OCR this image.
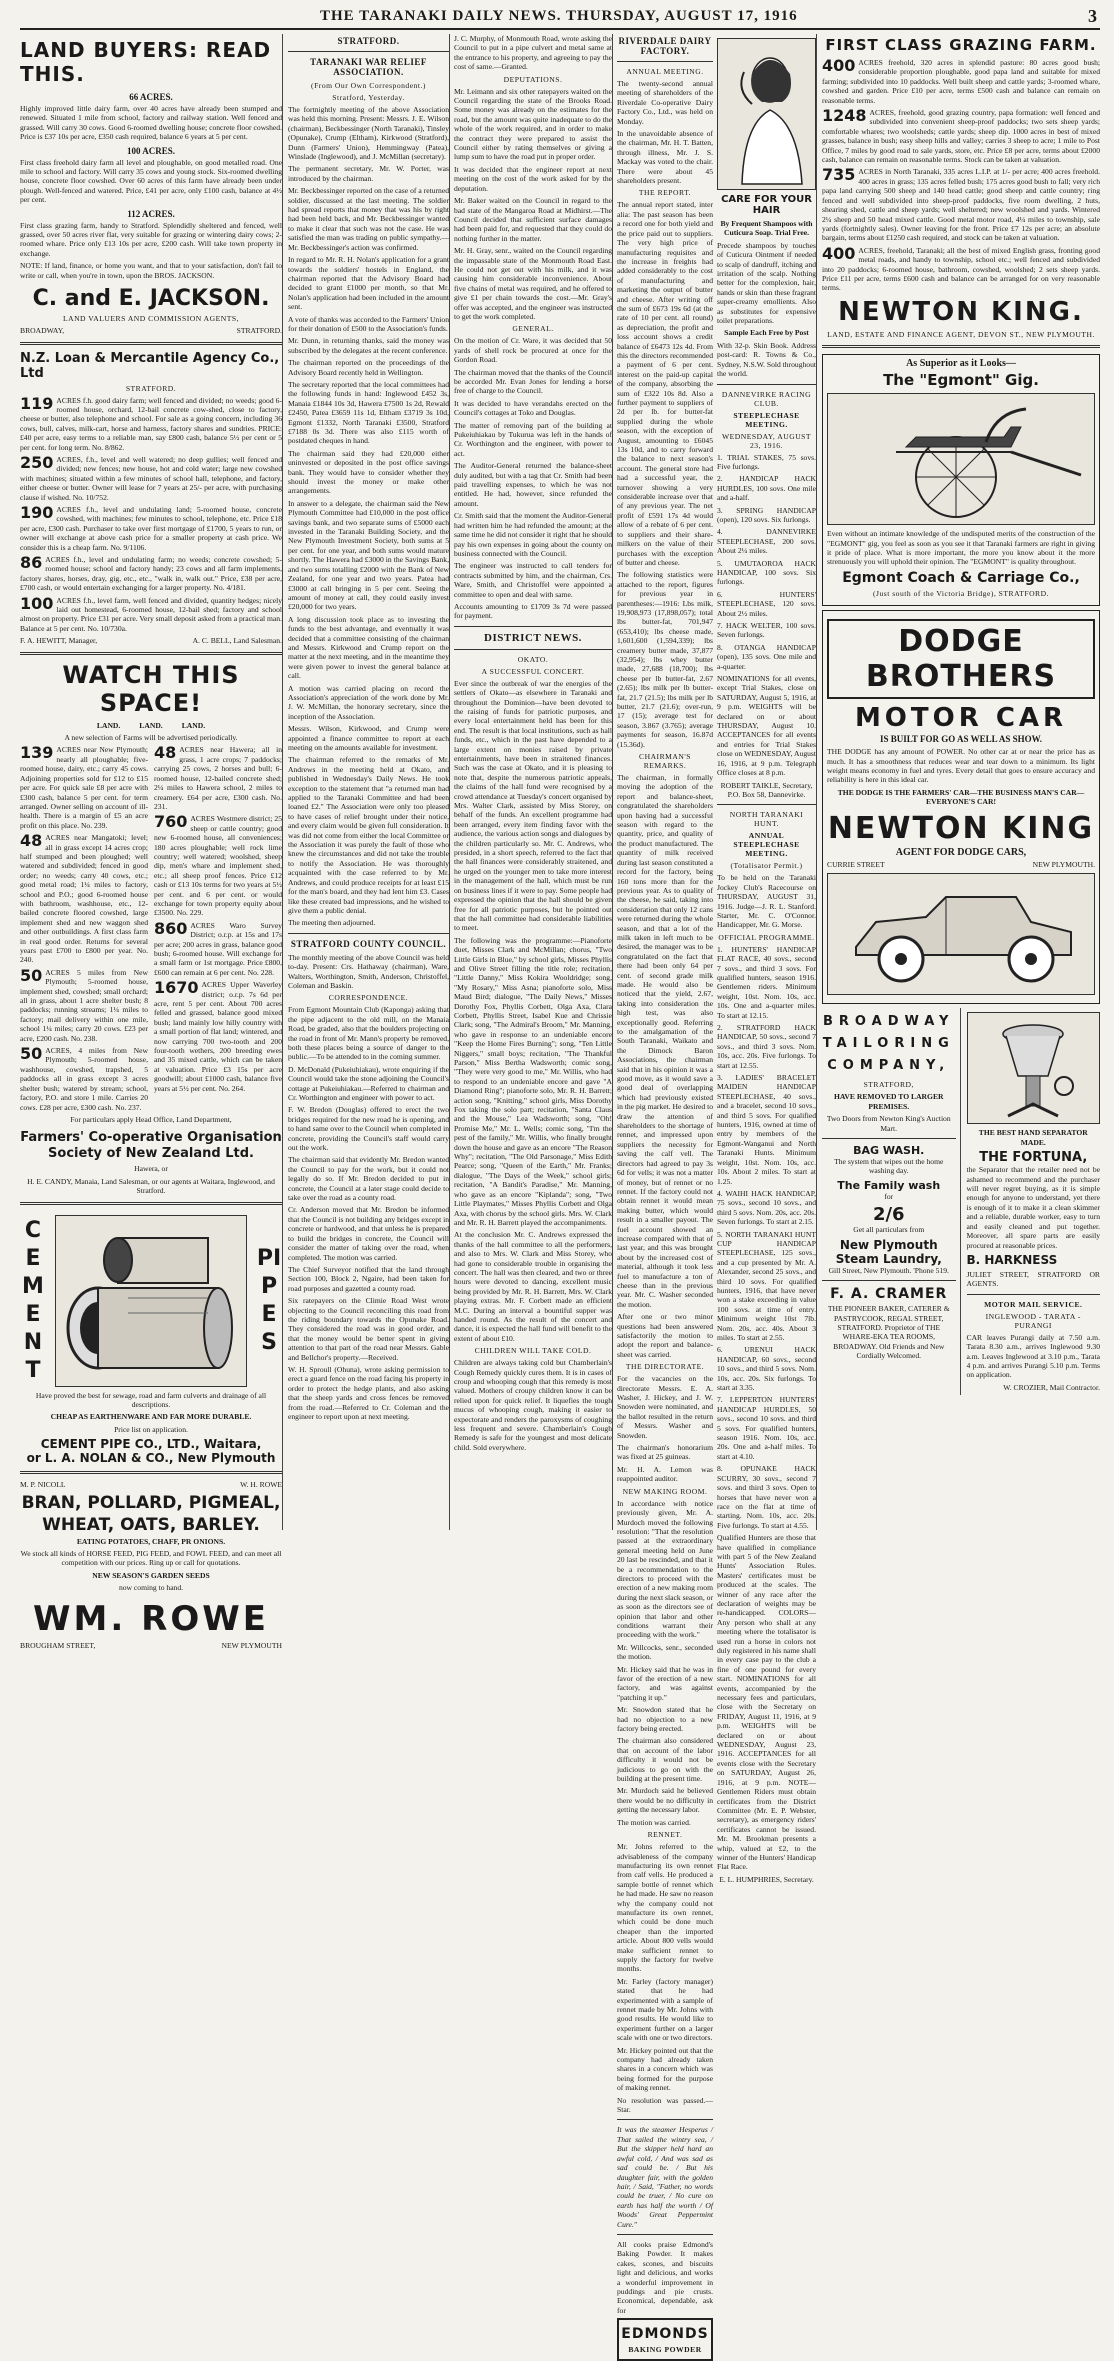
THE TARANAKI DAILY NEWS. THURSDAY, AUGUST 17, 1916	3
LAND BUYERS: READ THIS.
66 ACRES.

Highly improved little dairy farm, over 40 acres have already been stumped and renewed. Situated 1 mile from school, factory and railway station. Well fenced and grassed. Will carry 30 cows. Good 6-roomed dwelling house; concrete floor cowshed. Price is £37 10s per acre, £350 cash required, balance 6 years at 5 per cent.

100 ACRES.

First class freehold dairy farm all level and ploughable, on good metalled road. One mile to school and factory. Will carry 35 cows and young stock. Six-roomed dwelling house, concrete floor cowshed. Over 60 acres of this farm have already been under plough. Well-fenced and watered. Price, £41 per acre, only £100 cash, balance at 4½ per cent.

112 ACRES.

First class grazing farm, handy to Stratford. Splendidly sheltered and fenced, well grassed, over 50 acres river flat, very suitable for grazing or wintering dairy cows; 2-roomed whare. Price only £13 10s per acre, £200 cash. Will take town property in exchange.

NOTE: If land, finance, or home you want, and that to your satisfaction, don't fail to write or call, when you're in town, upon the BROS. JACKSON.

C. and E. JACKSON.
LAND VALUERS AND COMMISSION AGENTS,
BROADWAY,	STRATFORD.
N.Z. Loan & Mercantile Agency Co., Ltd
STRATFORD.

119 ACRES f.h. good dairy farm; well fenced and divided; no weeds; good 6-roomed house, orchard, 12-bail concrete cow-shed, close to factory, cheese or butter, also telephone and school. For sale as a going concern, including 36 cows, bull, calves, milk-cart, horse and harness, factory shares and sundries. PRICE: £40 per acre, easy terms to a reliable man, say £800 cash, balance 5½ per cent or 5 per cent. for long term. No. 8/862.

250 ACRES, f.h., level and well watered; no deep gullies; well fenced and divided; new fences; new house, hot and cold water; large new cowshed with machines; situated within a few minutes of school hall, telephone, and factory, either cheese or butter. Owner will lease for 7 years at 25/- per acre, with purchasing clause if wished. No. 10/752.

190 ACRES f.h., level and undulating land; 5-roomed house, concrete cowshed, with machines; few minutes to school, telephone, etc. Price £18 per acre, £300 cash. Purchaser to take over first mortgage of £1700, 5 years to run, or owner will exchange at above cash price for a smaller property at cash price. We consider this is a cheap farm. No. 9/1106.

86 ACRES f.h., level and undulating farm; no weeds; concrete cowshed; 5-roomed house; school and factory handy; 23 cows and all farm implements, factory shares, horses, dray, gig, etc., etc., "walk in, walk out." Price, £38 per acre, £700 cash, or would entertain exchanging for a larger property. No. 4/181.

100 ACRES f.h., level farm, well fenced and divided, quantity hedges; nicely laid out homestead, 6-roomed house, 12-bail shed; factory and school almost on property. Price £31 per acre. Very small deposit asked from a practical man. Balance at 5 per cent. No. 10/730a.

F. A. HEWITT, Manager,	A. C. BELL, Land Salesman.
WATCH THIS SPACE!
LAND.          LAND.          LAND.
A new selection of Farms will be advertised periodically.

139 ACRES near New Plymouth; nearly all ploughable; five-roomed house, dairy, etc.; carry 45 cows. Adjoining properties sold for £12 to £15 per acre. For quick sale £8 per acre with £300 cash, balance 5 per cent. for term arranged. Owner selling on account of ill-health. There is a margin of £5 an acre profit on this place. No. 239.

48 ACRES near Mangatoki; level; all in grass except 14 acres crop; half stumped and been ploughed; well watered and subdivided; fenced in good order; no weeds; carry 40 cows, etc.; good metal road; 1¼ miles to factory, school and P.O.; good 6-roomed house with bathroom, washhouse, etc., 12-bailed concrete floored cowshed, large implement shed and new waggon shed and other outbuildings. A first class farm in real good order. Returns for several years past £700 to £800 per year. No. 240.

50 ACRES 5 miles from New Plymouth; 5-roomed house, implement shed, cowshed; small orchard; all in grass, about 1 acre shelter bush; 8 paddocks; running streams; 1¼ miles to factory; mail delivery within one mile, school 1¼ miles; carry 20 cows. £23 per acre, £200 cash. No. 238.

50 ACRES, 4 miles from New Plymouth; 5-roomed house, washhouse, cowshed, trapshed, 5 paddocks all in grass except 3 acres shelter bush; watered by stream; school, factory, P.O. and store 1 mile. Carries 20 cows. £28 per acre, £300 cash. No. 237.

48 ACRES near Hawera; all in grass, 1 acre crops; 7 paddocks; carrying 25 cows, 2 horses and bull; 6-roomed house, 12-bailed concrete shed; 2¼ miles to Hawera school, 2 miles to creamery. £64 per acre, £300 cash. No. 231.

760 ACRES Westmere district; 25 sheep or cattle country; good new 6-roomed house, all conveniences; 180 acres ploughable; well rock lime country; well watered; woolshed, sheep dip, men's whare and implement shed, etc.; all sheep proof fences. Price £12 cash or £13 10s terms for two years at 5½ per cent. and 6 per cent. or would exchange for town property equity about £3500. No. 229.

860 ACRES Waro Survey District; o.r.p. at 15s and 17s per acre; 200 acres in grass, balance good bush; 6-roomed house. Will exchange for a small farm or 1st mortgage. Price £800, £600 can remain at 6 per cent. No. 228.

1670 ACRES Upper Waverley district; o.r.p. 7s 6d per acre, rent 5 per cent. About 700 acres felled and grassed, balance good mixed bush; land mainly low hilly country with a small portion of flat land; wintered, and now carrying 700 two-tooth and 200 four-tooth wethers, 200 breeding ewes and 35 mixed cattle, which can be taken at valuation. Price £3 15s per acre goodwill; about £1000 cash, balance five years at 5½ per cent. No. 264.

For particulars apply Head Office, Land Department,
Farmers' Co-operative Organisation Society of New Zealand Ltd.
Hawera, or
H. E. CANDY, Manaia, Land Salesman, or our agents at Waitara, Inglewood, and Stratford.
CEMENT
PIPES

Have proved the best for sewage, road and farm culverts and drainage of all descriptions.

CHEAP AS EARTHENWARE AND FAR MORE DURABLE.
Price list on application.
CEMENT PIPE CO., LTD., Waitara,
or L. A. NOLAN & CO., New Plymouth
M. P. NICOLL	W. H. ROWE
BRAN, POLLARD, PIGMEAL,
WHEAT, OATS, BARLEY.
EATING POTATOES, CHAFF, PR ONIONS.

We stock all kinds of HORSE FEED, PIG FEED, and FOWL FEED, and can meet all competition with our prices. Ring up or call for quotations.

NEW SEASON'S GARDEN SEEDS
now coming to hand.
WM. ROWE
BROUGHAM STREET,	NEW PLYMOUTH
STRATFORD.
TARANAKI WAR RELIEF ASSOCIATION.
(From Our Own Correspondent.)
Stratford, Yesterday.

The fortnightly meeting of the above Association was held this morning. Present: Messrs. J. E. Wilson (chairman), Beckbessinger (North Taranaki), Tinsley (Opunake), Crump (Eltham), Kirkwood (Stratford), Dunn (Farmers' Union), Hemmingway (Patea), Winslade (Inglewood), and J. McMillan (secretary).

The permanent secretary, Mr. W. Porter, was introduced by the chairman.

Mr. Beckbessinger reported on the case of a returned soldier, discussed at the last meeting. The soldier had spread reports that money that was his by right had been held back, and Mr. Beckbessinger wanted to make it clear that such was not the case. He was satisfied the man was trading on public sympathy.—Mr. Beckbessinger's action was confirmed.

In regard to Mr. R. H. Nolan's application for a grant towards the soldiers' hostels in England, the chairman reported that the Advisory Board had decided to grant £1000 per month, so that Mr. Nolan's application had been included in the amount sent.

A vote of thanks was accorded to the Farmers' Union for their donation of £500 to the Association's funds.

Mr. Dunn, in returning thanks, said the money was subscribed by the delegates at the recent conference.

The chairman reported on the proceedings of the Advisory Board recently held in Wellington.

The secretary reported that the local committees had the following funds in hand: Inglewood £452 3s, Manaia £1844 10s 3d, Hawera £7500 1s 2d, Rewald £2450, Patea £3659 11s 1d, Eltham £3719 3s 10d, Egmont £1332, North Taranaki £3500, Stratford £7188 0s 3d. There was also £115 worth of postdated cheques in hand.

The chairman said they had £20,000 either uninvested or deposited in the post office savings bank. They would have to consider whether they should invest the money or make other arrangements.

In answer to a delegate, the chairman said the New Plymouth Committee had £10,000 in the post office savings bank, and two separate sums of £5000 each invested in the Taranaki Building Society, and the New Plymouth Investment Society, both sums at 5 per cent. for one year, and both sums would mature shortly. The Hawera had £3000 in the Savings Bank, and two sums totalling £2000 with the Bank of New Zealand, for one year and two years. Patea had £3000 at call bringing in 5 per cent. Seeing the amount of money at call, they could easily invest £20,000 for two years.

A long discussion took place as to investing the funds to the best advantage, and eventually it was decided that a committee consisting of the chairman and Messrs. Kirkwood and Crump report on the matter at the next meeting, and in the meantime they were given power to invest the general balance at call.

A motion was carried placing on record the Association's appreciation of the work done by Mr. J. W. McMillan, the honorary secretary, since the inception of the Association.

Messrs. Wilson, Kirkwood, and Crump were appointed a finance committee to report at each meeting on the amounts available for investment.

The chairman referred to the remarks of Mr. Andrews in the meeting held at Okato, and published in Wednesday's Daily News. He took exception to the statement that "a returned man had applied to the Taranaki Committee and had been loaned £2." The Association were only too pleased to have cases of relief brought under their notice, and every claim would be given full consideration. It was did not come from either the local Committee or the Association it was purely the fault of those who knew the circumstances and did not take the trouble to notify the Association. He was thoroughly acquainted with the case referred to by Mr. Andrews, and could produce receipts for at least £15 for the man's board, and they had lent him £3. Cases like these created bad impressions, and he wished to give them a public denial.

The meeting then adjourned.

STRATFORD COUNTY COUNCIL.

The monthly meeting of the above Council was held to-day. Present: Crs. Hathaway (chairman), Ware, Walters, Worthington, Smith, Anderson, Christoffel, Coleman and Baskin.

CORRESPONDENCE.

From Egmont Mountain Club (Kaponga) asking that the pipe adjacent to the old mill, on the Manaia Road, be graded, also that the boulders projecting on the road in front of Mr. Mann's property be removed, both these places being a source of danger to the public.—To be attended to in the coming summer.

D. McDonald (Pukeiuhiakau), wrote enquiring if the Council would take the stone adjoining the Council's cottage at Pukeiuhiakau.—Referred to chairman and Cr. Worthington and engineer with power to act.

F. W. Bredon (Douglas) offered to erect the two bridges required for the new road he is opening, and to hand same over to the Council when completed in concrete, providing the Council's staff would carry out the work.

The chairman said that evidently Mr. Bredon wanted the Council to pay for the work, but it could not legally do so. If Mr. Bredon decided to put in concrete, the Council at a later stage could decide to take over the road as a county road.

Cr. Anderson moved that Mr. Bredon be informed that the Council is not building any bridges except in concrete or hardwood, and that unless he is prepared to build the bridges in concrete, the Council will consider the matter of taking over the road, when completed. The motion was carried.

The Chief Surveyor notified that the land through Section 100, Block 2, Ngaire, had been taken for road purposes and gazetted a county road.

Six ratepayers on the Climie Road West wrote objecting to the Council reconciling this road from the riding boundary towards the Opunake Road. They considered the road was in good order, and that the money would be better spent in giving attention to that part of the road near Messrs. Gable and Bellchor's property.—Received.

W. H. Sproull (Ohuna), wrote asking permission to erect a guard fence on the road facing his property in order to protect the hedge plants, and also asking that the sheep yards and cross fences be removed from the road.—Referred to Cr. Coleman and the engineer to report upon at next meeting.

J. C. Murphy, of Monmouth Road, wrote asking the Council to put in a pipe culvert and metal same at the entrance to his property, and agreeing to pay the cost of same.—Granted.

DEPUTATIONS.

Mr. Leimann and six other ratepayers waited on the Council regarding the state of the Brooks Road. Some money was already on the estimates for the road, but the amount was quite inadequate to do the whole of the work required, and in order to make the contract they were prepared to assist the Council either by rating themselves or giving a lump sum to have the road put in proper order.

It was decided that the engineer report at next meeting on the cost of the work asked for by the deputation.

Mr. Baker waited on the Council in regard to the bad state of the Mangaroa Road at Midhirst.—The Council decided that sufficient surface damages had been paid for, and requested that they could do nothing further in the matter.

Mr. H. Gray, senr., waited on the Council regarding the impassable state of the Monmouth Road East. He could not get out with his milk, and it was causing him considerable inconvenience. About five chains of metal was required, and he offered to give £1 per chain towards the cost.—Mr. Gray's offer was accepted, and the engineer was instructed to get the work completed.

GENERAL.

On the motion of Cr. Ware, it was decided that 50 yards of shell rock be procured at once for the Gordon Road.

The chairman moved that the thanks of the Council be accorded Mr. Evan Jones for lending a horse free of charge to the Council.

It was decided to have verandahs erected on the Council's cottages at Toko and Douglas.

The matter of removing part of the building at Pukeiuhiakau by Tukurua was left in the hands of Cr. Worthington and the engineer, with power to act.

The Auditor-General returned the balance-sheet duly audited, but with a tag that Cr. Smith had been paid travelling expenses, to which he was not entitled. He had, however, since refunded the amount.

Cr. Smith said that the moment the Auditor-General had written him he had refunded the amount; at the same time he did not consider it right that he should pay his own expenses in going about the county on business connected with the Council.

The engineer was instructed to call tenders for contracts submitted by him, and the chairman, Crs. Ware, Smith, and Christoffel were appointed a committee to open and deal with same.

Accounts amounting to £1709 3s 7d were passed for payment.

DISTRICT NEWS.
OKATO.
A SUCCESSFUL CONCERT.

Ever since the outbreak of war the energies of the settlers of Okato—as elsewhere in Taranaki and throughout the Dominion—have been devoted to the raising of funds for patriotic purposes, and every local entertainment held has been for this end. The result is that local institutions, such as hall funds, etc., which in the past have depended to a large extent on monies raised by private entertainments, have been in straitened finances. Such was the case at Okato, and it is pleasing to note that, despite the numerous patriotic appeals, the claims of the hall fund were recognised by a crowd attendance at Tuesday's concert organised by Mrs. Walter Clark, assisted by Miss Storey, on behalf of the funds. An excellent programme had been arranged, every item finding favor with the audience, the various action songs and dialogues by the children particularly so. Mr. C. Andrews, who presided, in a short speech, referred to the fact that the hall finances were considerably straitened, and he urged on the younger men to take more interest in the management of the hall, which must be run on business lines if it were to pay. Some people had expressed the opinion that the hall should be given free for all patriotic purposes, but he pointed out that the hall committee had considerable liabilities to meet.

The following was the programme:—Pianoforte duet, Misses Clark and McMillan; chorus, "Two Little Girls in Blue," by school girls, Misses Phyllis and Olive Street filling the title role; recitation, "Little Danny," Miss Kokira Wooldridge; song, "My Rosary," Miss Asna; pianoforte solo, Miss Maud Bird; dialogue, "The Daily News," Misses Dorothy Fox, Phyllis Corbett, Olga Axa, Clara Corbett, Phyllis Street, Isabel Kue and Chrissie Clark; song, "The Admiral's Broom," Mr. Manning, who gave in response to an undeniable encore "Keep the Home Fires Burning"; song, "Ten Little Niggers," small boys; recitation, "The Thankful Parson," Miss Bertha Wadsworth; comic song, "They were very good to me," Mr. Willis, who had to respond to an undeniable encore and gave "A Diamond Ring"; pianoforte solo, Mr. R. H. Barrett; action song, "Knitting," school girls, Miss Dorothy Fox taking the solo part; recitation, "Santa Claus and the Mouse," Lea Wadsworth; song, "Oh! Promise Me," Mr. L. Wells; comic song, "I'm the pest of the family," Mr. Willis, who finally brought down the house and gave as an encore "The Reason Why"; recitation, "The Old Parsonage," Miss Edith Pearce; song, "Queen of the Earth," Mr. Franks; dialogue, "The Days of the Week," school girls; recitation, "A Bandit's Paradise," Mr. Manning, who gave as an encore "Kiplanda"; song, "Two Little Playmates," Misses Phyllis Corbett and Olga Axa, with chorus by the school girls. Mrs. W. Clark and Mr. R. H. Barrett played the accompaniments.

At the conclusion Mr. C. Andrews expressed the thanks of the hall committee to all the performers, and also to Mrs. W. Clark and Miss Storey, who had gone to considerable trouble in organising the concert. The hall was then cleared, and two or three hours were devoted to dancing, excellent music being provided by Mr. R. H. Barrett, Mrs. W. Clark playing extras. Mr. F. Corbett made an efficient M.C. During an interval a bountiful supper was handed round. As the result of the concert and dance, it is expected the hall fund will benefit to the extent of about £10.

CHILDREN WILL TAKE COLD.

Children are always taking cold but Chamberlain's Cough Remedy quickly cures them. It is in cases of croup and whooping cough that this remedy is most valued. Mothers of croupy children know it can be relied upon for quick relief. It liquefies the tough mucus of whooping cough, making it easier to expectorate and renders the paroxysms of coughing less frequent and severe. Chamberlain's Cough Remedy is safe for the youngest and most delicate child. Sold everywhere.

RIVERDALE DAIRY FACTORY.
ANNUAL MEETING.

The twenty-second annual meeting of shareholders of the Riverdale Co-operative Dairy Factory Co., Ltd., was held on Monday.

In the unavoidable absence of the chairman, Mr. H. T. Batten, through illness, Mr. J. S. Mackay was voted to the chair. There were about 45 shareholders present.

THE REPORT.

The annual report stated, inter alia: The past season has been a record one for both yield and the price paid out to suppliers. The very high price of manufacturing requisites and the increase in freights had added considerably to the cost of manufacturing and marketing the output of butter and cheese. After writing off the sum of £673 19s 6d (at the rate of 10 per cent. all round) as depreciation, the profit and loss account shows a credit balance of £6473 12s 4d. From this the directors recommended a payment of 6 per cent. interest on the paid-up capital of the company, absorbing the sum of £322 10s 8d. Also a further payment to suppliers of 2d per lb. for butter-fat supplied during the whole season, with the exception of August, amounting to £6045 13s 10d, and to carry forward the balance to next season's account. The general store had had a successful year, the turnover showing a very considerable increase over that of any previous year. The net profit of £591 17s 4d would allow of a rebate of 6 per cent. to suppliers and their share-milkers on the value of their purchases with the exception of butter and cheese.

The following statistics were attached to the report, figures for previous year in parentheses:—1916: Lbs milk, 19,908,973 (17,898,057); total lbs butter-fat, 701,947 (653,410); lbs cheese made, 1,601,600 (1,594,339); lbs creamery butter made, 37,877 (32,954); lbs whey butter made, 27,688 (18,700); lbs cheese per lb butter-fat, 2.67 (2.65); lbs milk per lb butter-fat, 21.7 (21.5); lbs milk per lb butter, 21.7 (21.6); over-run, 17 (15); average test for season, 3.867 (3.765); average payments for season, 16.87d (15.36d).

CHAIRMAN'S REMARKS.

The chairman, in formally moving the adoption of the report and balance-sheet, congratulated the shareholders upon having had a successful season with regard to the quantity, price, and quality of the product manufactured. The quantity of milk received during last season constituted a record for the factory, being 160 tons more than for the previous year. As to quality of the cheese, he said, taking into consideration that only 12 cans were returned during the whole season, and that a lot of the milk taken in left much to be desired, the manager was to be congratulated on the fact that there had been only 64 per cent. of second grade milk made. He would also be noticed that the yield, 2.67, taking into consideration the high test, was also exceptionally good. Referring to the amalgamation of the South Taranaki, Waikato and the Dimock Baron Associations, the chairman said that in his opinion it was a good move, as it would save a good deal of overlapping which had previously existed in the pig market. He desired to draw the attention of shareholders to the shortage of rennet, and impressed upon suppliers the necessity for saving the calf vell. The directors had agreed to pay 3s 6d for vells; it was not a matter of money, but of rennet or no rennet. If the factory could not obtain rennet it would mean making butter, which would result in a smaller payout. The fuel account showed an increase compared with that of last year, and this was brought about by the increased cost of material, although it took less fuel to manufacture a ton of cheese than in the previous year. Mr. C. Washer seconded the motion.

After one or two minor questions had been answered satisfactorily the motion to adopt the report and balance-sheet was carried.

THE DIRECTORATE.

For the vacancies on the directorate Messrs. E. A. Washer, J. Hickey, and J. W. Snowden were nominated, and the ballot resulted in the return of Messrs. Washer and Snowden.

The chairman's honorarium was fixed at 25 guineas.

Mr. H. A. Lemon was reappointed auditor.

NEW MAKING ROOM.

In accordance with notice previously given, Mr. A. Murdoch moved the following resolution: "That the resolution passed at the extraordinary general meeting held on June 20 last be rescinded, and that it be a recommendation to the directors to proceed with the erection of a new making room during the next slack season, or as soon as the directors see of opinion that labor and other conditions warrant their proceeding with the work."

Mr. Willcocks, senr., seconded the motion.

Mr. Hickey said that he was in favor of the erection of a new factory, and was against "patching it up."

Mr. Snowdon stated that he had no objection to a new factory being erected.

The chairman also considered that on account of the labor difficulty it would not be judicious to go on with the building at the present time.

Mr. Murdoch said he believed there would be no difficulty in getting the necessary labor.

The motion was carried.

RENNET.

Mr. Johns referred to the advisableness of the company manufacturing its own rennet from calf vells. He produced a sample bottle of rennet which he had made. He saw no reason why the company could not manufacture its own rennet, which could be done much cheaper than the imported article. About 800 vells would make sufficient rennet to supply the factory for twelve months.

Mr. Farley (factory manager) stated that he had experimented with a sample of rennet made by Mr. Johns with good results. He would like to experiment further on a larger scale with one or two directors.

Mr. Hickey pointed out that the company had already taken shares in a concern which was being formed for the purpose of making rennet.

No resolution was passed.—Star.

It was the steamer Hesperus / That sailed the wintry sea, / But the skipper held hard an awful cold, / And was sad as sad could be. / But his daughter fair, with the golden hair, / Said, "Father, no words could be truer, / No cure on earth has half the worth / Of Woods' Great Peppermint Cure."

All cooks praise Edmond's Baking Powder. It makes cakes, scones, and biscuits light and delicious, and works a wonderful improvement in puddings and pie crusts. Economical, dependable, ask for

EDMONDS
BAKING POWDER
CARE FOR YOUR HAIR
By Frequent Shampoos with Cuticura Soap. Trial Free.

Precede shampoos by touches of Cuticura Ointment if needed to scalp of dandruff, itching and irritation of the scalp. Nothing better for the complexion, hair, hands or skin than these fragrant super-creamy emollients. Also as substitutes for expensive toilet preparations.

Sample Each Free by Post

With 32-p. Skin Book. Address post-card: R. Towns & Co., Sydney, N.S.W. Sold throughout the world.

DANNEVIRKE RACING CLUB.
STEEPLECHASE MEETING.
WEDNESDAY, AUGUST 23, 1916.

1. TRIAL STAKES, 75 sovs. Five furlongs.

2. HANDICAP HACK HURDLES, 100 sovs. One mile and a-half.

3. SPRING HANDICAP (open), 120 sovs. Six furlongs.

4. DANNEVIRKE STEEPLECHASE, 200 sovs. About 2¼ miles.

5. UMUTAOROA HACK HANDICAP, 100 sovs. Six furlongs.

6. HUNTERS' STEEPLECHASE, 120 sovs. About 2½ miles.

7. HACK WELTER, 100 sovs. Seven furlongs.

8. OTANGA HANDICAP (open), 135 sovs. One mile and a-quarter.

NOMINATIONS for all events, except Trial Stakes, close on SATURDAY, August 5, 1916, at 9 p.m. WEIGHTS will be declared on or about THURSDAY, August 10. ACCEPTANCES for all events and entries for Trial Stakes close on WEDNESDAY, August 16, 1916, at 9 p.m. Telegraph Office closes at 8 p.m.

ROBERT TAIKLE, Secretary, P.O. Box 58, Dannevirke.
NORTH TARANAKI HUNT.
ANNUAL STEEPLECHASE MEETING.
(Totalisator Permit.)

To be held on the Taranaki Jockey Club's Racecourse on THURSDAY, AUGUST 31, 1916. Judge—J. R. L. Stanford. Starter, Mr. C. O'Connor. Handicapper, Mr. G. Morse.

OFFICIAL PROGRAMME.

1. HUNTERS' HANDICAP FLAT RACE, 40 sovs., second 7 sovs., and third 3 sovs. For qualified hunters, season 1916. Gentlemen riders. Minimum weight, 10st. Nom. 10s, acc. 10s. One and a-quarter miles. To start at 12.15.

2. STRATFORD HACK HANDICAP, 50 sovs., second 7 sovs., and third 3 sovs. Nom. 10s, acc. 20s. Five furlongs. To start at 12.55.

3. LADIES' BRACELET MAIDEN HANDICAP STEEPLECHASE, 40 sovs., and a bracelet, second 10 sovs., and third 5 sovs. For qualified hunters, 1916, owned at time of entry by members of the Egmont-Wanganui and North Taranaki Hunts. Minimum weight, 10st. Nom. 10s, acc. 10s. About 2 miles. To start at 1.25.

4. WAIHI HACK HANDICAP, 75 sovs., second 10 sovs., and third 5 sovs. Nom. 20s, acc. 20s. Seven furlongs. To start at 2.15.

5. NORTH TARANAKI HUNT CUP HANDICAP STEEPLECHASE, 125 sovs., and a cup presented by Mr. A. Alexander, second 25 sovs., and third 10 sovs. For qualified hunters, 1916, that have never won a stake exceeding in value 100 sovs. at time of entry. Minimum weight 10st 7lb. Nom. 20s, acc. 40s. About 3 miles. To start at 2.55.

6. URENUI HACK HANDICAP, 60 sovs., second 10 sovs., and third 5 sovs. Nom. 10s, acc. 20s. Six furlongs. To start at 3.35.

7. LEPPERTON HUNTERS' HANDICAP HURDLES, 50 sovs., second 10 sovs. and third 5 sovs. For qualified hunters, season 1916. Nom. 10s, acc. 20s. One and a-half miles. To start at 4.10.

8. OPUNAKE HACK SCURRY, 30 sovs., second 7 sovs. and third 3 sovs. Open to horses that have never won a race on the flat at time of starting. Nom. 10s, acc. 20s. Five furlongs. To start at 4.55.

Qualified Hunters are those that have qualified in compliance with part 5 of the New Zealand Hunts' Association Rules. Masters' certificates must be produced at the scales. The winner of any race after the declaration of weights may be re-handicapped. COLORS—Any person who shall at any meeting where the totalisator is used run a horse in colors not duly registered in his name shall in every case pay to the club a fine of one pound for every start. NOMINATIONS for all events, accompanied by the necessary fees and particulars, close with the Secretary on FRIDAY, August 11, 1916, at 9 p.m. WEIGHTS will be declared on or about WEDNESDAY, August 23, 1916. ACCEPTANCES for all events close with the Secretary on SATURDAY, August 26, 1916, at 9 p.m. NOTE—Gentlemen Riders must obtain certificates from the District Committee (Mr. E. P. Webster, secretary), as emergency riders' certificates cannot be issued. Mr. M. Brookman presents a whip, valued at £2, to the winner of the Hunters' Handicap Flat Race.

E. L. HUMPHRIES, Secretary.
FIRST CLASS GRAZING FARM.

400 ACRES freehold, 320 acres in splendid pasture: 80 acres good bush; considerable proportion ploughable, good papa land and suitable for mixed farming; subdivided into 10 paddocks. Well built sheep and cattle yards; 3-roomed whare, cowshed and garden. Price £10 per acre, terms £500 cash and balance can remain on reasonable terms.

1248 ACRES, freehold, good grazing country, papa formation: well fenced and subdivided into convenient sheep-proof paddocks; two sets sheep yards; comfortable whares; two woolsheds; cattle yards; sheep dip. 1000 acres in best of mixed grasses, balance in bush; easy sheep hills and valley; carries 3 sheep to acre; 1 mile to Post Office, 7 miles by good road to sale yards, store, etc. Price £8 per acre, terms about £2000 cash, balance can remain on reasonable terms. Stock can be taken at valuation.

735 ACRES in North Taranaki, 335 acres L.I.P. at 1/- per acre; 400 acres freehold. 400 acres in grass; 135 acres felled bush; 175 acres good bush to fall; very rich papa land carrying 500 sheep and 140 head cattle; good sheep and cattle country; ring fenced and well subdivided into sheep-proof paddocks, five room dwelling, 2 huts, shearing shed, cattle and sheep yards; well sheltered; new woolshed and yards. Wintered 2¼ sheep and 50 head mixed cattle. Good metal motor road, 4¼ miles to township, sale yards (fortnightly sales). Owner leaving for the front. Price £7 12s per acre; an absolute bargain, terms about £1250 cash required, and stock can be taken at valuation.

400 ACRES, freehold, Taranaki; all the best of mixed English grass, fronting good metal roads, and handy to township, school etc.; well fenced and subdivided into 20 paddocks; 6-roomed house, bathroom, cowshed, woolshed; 2 sets sheep yards. Price £11 per acre, terms £600 cash and balance can be arranged for on very reasonable terms.

NEWTON KING.
LAND, ESTATE AND FINANCE AGENT, DEVON ST., NEW PLYMOUTH.
As Superior as it Looks—
The "Egmont" Gig.

Even without an intimate knowledge of the undisputed merits of the construction of the "EGMONT" gig, you feel as soon as you see it that Taranaki farmers are right in giving it pride of place. What is more important, the more you know about it the more strenuously you will uphold their opinion. The "EGMONT" is quality throughout.

Egmont Coach & Carriage Co.,
(Just south of the Victoria Bridge), STRATFORD.
DODGE BROTHERS
MOTOR CAR
IS BUILT FOR GO AS WELL AS SHOW.

THE DODGE has any amount of POWER. No other car at or near the price has as much. It has a smoothness that reduces wear and tear down to a minimum. Its light weight means economy in fuel and tyres. Every detail that goes to ensure accuracy and reliability is here in this ideal car.

THE DODGE IS THE FARMERS' CAR—THE BUSINESS MAN'S CAR—EVERYONE'S CAR!
NEWTON KING
AGENT FOR DODGE CARS,
CURRIE STREET	NEW PLYMOUTH.
BROADWAY TAILORING COMPANY,
STRATFORD,
HAVE REMOVED TO LARGER PREMISES.
Two Doors from Newton King's Auction Mart.
BAG WASH.
The system that wipes out the home washing day.
The Family wash
for
2/6
Get all particulars from
New Plymouth Steam Laundry,
Gill Street, New Plymouth. 'Phone 519.
F. A. CRAMER

THE PIONEER BAKER, CATERER & PASTRYCOOK, REGAL STREET, STRATFORD. Proprietor of THE WHARE-EKA TEA ROOMS, BROADWAY. Old Friends and New Cordially Welcomed.

THE BEST HAND SEPARATOR MADE.
THE FORTUNA,

the Separator that the retailer need not be ashamed to recommend and the purchaser will never regret buying, as it is simple enough for anyone to understand, yet there is enough of it to make it a clean skimmer and a reliable, durable worker, easy to turn and easily cleaned and put together. Moreover, all spare parts are easily procured at reasonable prices.

B. HARKNESS
JULIET STREET, STRATFORD OR AGENTS.
MOTOR MAIL SERVICE.
INGLEWOOD - TARATA - PURANGI

CAR leaves Purangi daily at 7.50 a.m. Tarata 8.30 a.m., arrives Inglewood 9.30 a.m. Leaves Inglewood at 3.10 p.m., Tarata 4 p.m. and arrives Purangi 5.10 p.m. Terms on application.

W. CROZIER, Mail Contractor.
